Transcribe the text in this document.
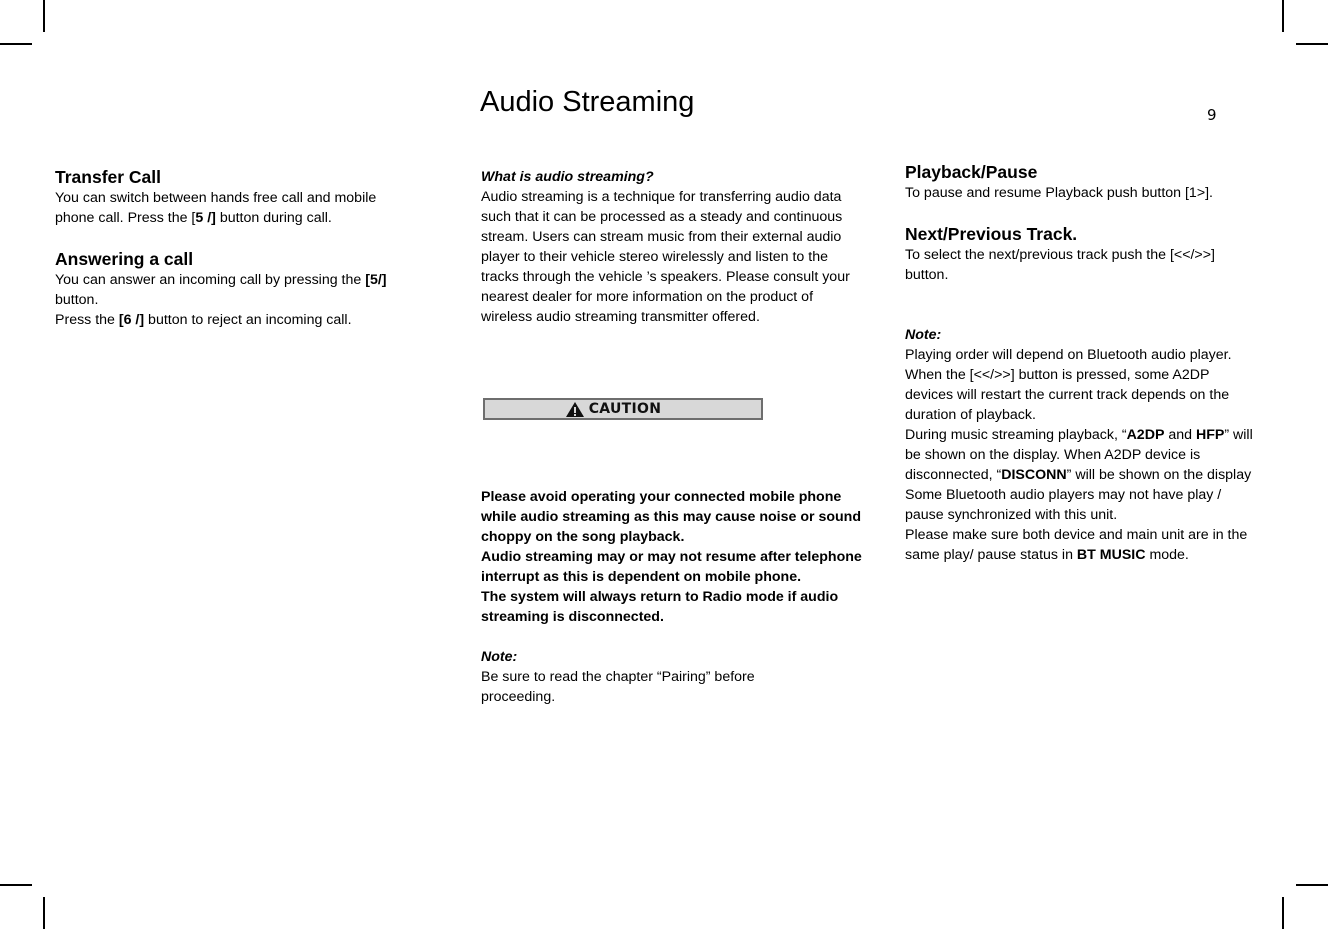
Audio Streaming	9

Transfer Call

You can switch between hands free call and mobile phone call. Press the [5 /] button during call.

Answering a call

You can answer an incoming call by pressing the [5/] button.

Press the [6 /] button to reject an incoming call.

What is audio streaming?

Audio streaming is a technique for transferring audio data such that it can be processed as a steady and continuous stream. Users can stream music from their external audio player to their vehicle stereo wirelessly and listen to the tracks through the vehicle ’s speakers. Please consult your nearest dealer for more information on the product of wireless audio streaming transmitter offered.

CAUTION

Please avoid operating your connected mobile phone while audio streaming as this may cause noise or sound choppy on the song playback.

Audio streaming may or may not resume after telephone interrupt as this is dependent on mobile phone.

The system will always return to Radio mode if audio streaming is disconnected.

Note:

Be sure to read the chapter “Pairing” before proceeding.

Playback/Pause

To pause and resume Playback push button [1>].

Next/Previous Track.

To select the next/previous track push the [<</>>] button.

Note:

Playing order will depend on Bluetooth audio player. When the [<</>>] button is pressed, some A2DP devices will restart the current track depends on the duration of playback.

During music streaming playback, “A2DP and HFP” will be shown on the display. When A2DP device is disconnected, “DISCONN” will be shown on the display Some Bluetooth audio players may not have play / pause synchronized with this unit.

Please make sure both device and main unit are in the same play/ pause status in BT MUSIC mode.
